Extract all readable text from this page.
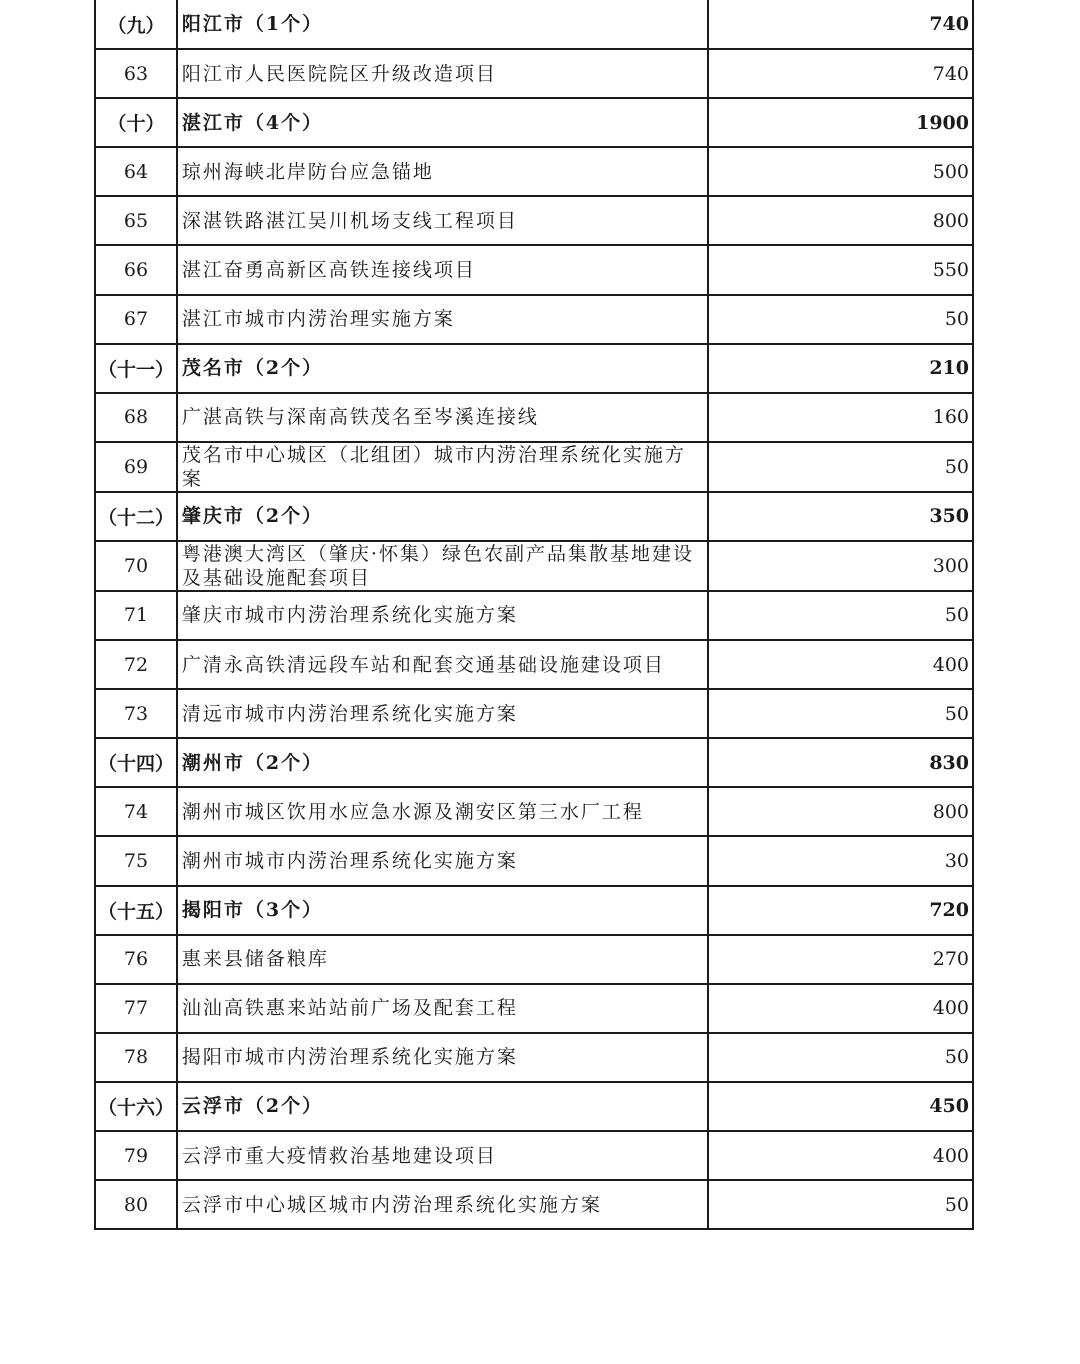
（九）	阳江市（1个）	740
63	阳江市人民医院院区升级改造项目	740
（十）	湛江市（4个）	1900
64	琼州海峡北岸防台应急锚地	500
65	深湛铁路湛江吴川机场支线工程项目	800
66	湛江奋勇高新区高铁连接线项目	550
67	湛江市城市内涝治理实施方案	50
（十一）	茂名市（2个）	210
68	广湛高铁与深南高铁茂名至岑溪连接线	160
69	茂名市中心城区（北组团）城市内涝治理系统化实施方案	50
（十二）	肇庆市（2个）	350
70	粤港澳大湾区（肇庆·怀集）绿色农副产品集散基地建设及基础设施配套项目	300
71	肇庆市城市内涝治理系统化实施方案	50
72	广清永高铁清远段车站和配套交通基础设施建设项目	400
73	清远市城市内涝治理系统化实施方案	50
（十四）	潮州市（2个）	830
74	潮州市城区饮用水应急水源及潮安区第三水厂工程	800
75	潮州市城市内涝治理系统化实施方案	30
（十五）	揭阳市（3个）	720
76	惠来县储备粮库	270
77	汕汕高铁惠来站站前广场及配套工程	400
78	揭阳市城市内涝治理系统化实施方案	50
（十六）	云浮市（2个）	450
79	云浮市重大疫情救治基地建设项目	400
80	云浮市中心城区城市内涝治理系统化实施方案	50
